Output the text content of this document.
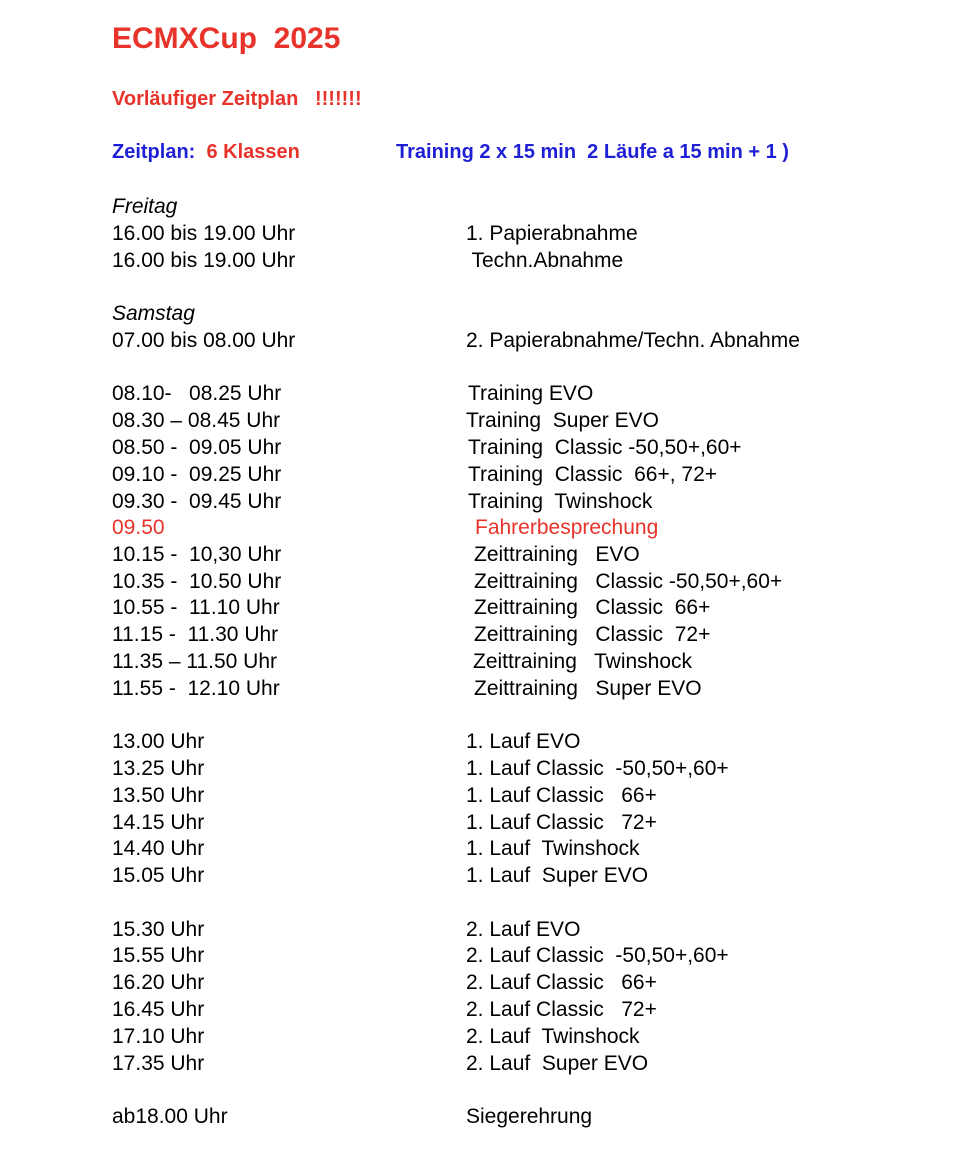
ECMXCup  2025
Vorläufiger Zeitplan   !!!!!!!
Zeitplan: 6 Klassen	Training 2 x 15 min  2 Läufe a 15 min + 1 )
Freitag
16.00 bis 19.00 Uhr	1. Papierabnahme
16.00 bis 19.00 Uhr	Techn.Abnahme
Samstag
07.00 bis 08.00 Uhr	2. Papierabnahme/Techn. Abnahme
08.10-   08.25 Uhr	Training EVO
08.30 – 08.45 Uhr	Training  Super EVO
08.50 -  09.05 Uhr	Training  Classic -50,50+,60+
09.10 -  09.25 Uhr	Training  Classic  66+, 72+
09.30 -  09.45 Uhr	Training  Twinshock
09.50	Fahrerbesprechung
10.15 -  10,30 Uhr	Zeittraining   EVO
10.35 -  10.50 Uhr	Zeittraining   Classic -50,50+,60+
10.55 -  11.10 Uhr	Zeittraining   Classic  66+
11.15 -  11.30 Uhr	Zeittraining   Classic  72+
11.35 – 11.50 Uhr	Zeittraining   Twinshock
11.55 -  12.10 Uhr	Zeittraining   Super EVO
13.00 Uhr	1. Lauf EVO
13.25 Uhr	1. Lauf Classic  -50,50+,60+
13.50 Uhr	1. Lauf Classic   66+
14.15 Uhr	1. Lauf Classic   72+
14.40 Uhr	1. Lauf  Twinshock
15.05 Uhr	1. Lauf  Super EVO
15.30 Uhr	2. Lauf EVO
15.55 Uhr	2. Lauf Classic  -50,50+,60+
16.20 Uhr	2. Lauf Classic   66+
16.45 Uhr	2. Lauf Classic   72+
17.10 Uhr	2. Lauf  Twinshock
17.35 Uhr	2. Lauf  Super EVO
ab18.00 Uhr	Siegerehrung
